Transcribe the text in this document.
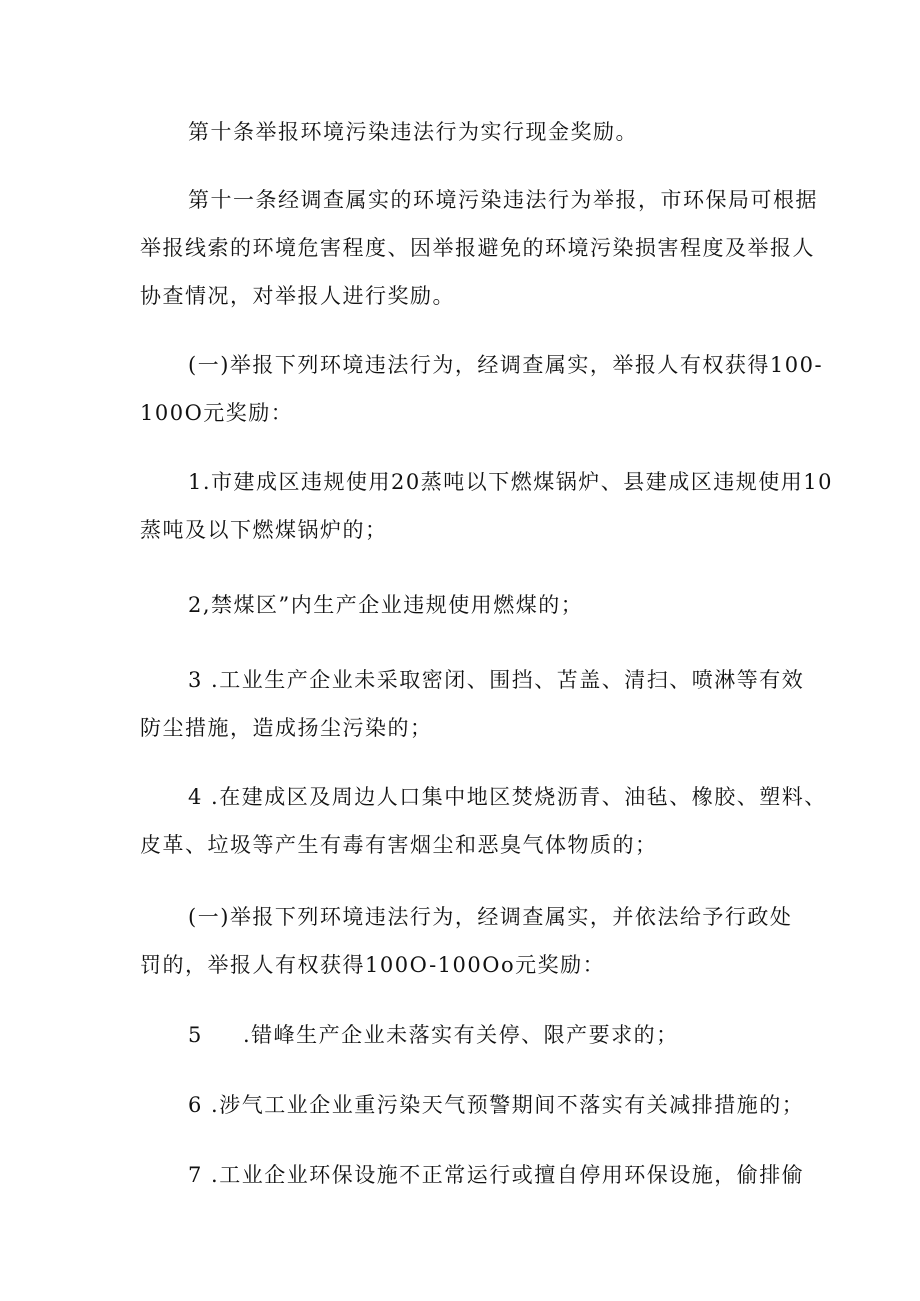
第十条举报环境污染违法行为实行现金奖励。
第十一条经调查属实的环境污染违法行为举报，市环保局可根据
举报线索的环境危害程度、因举报避免的环境污染损害程度及举报人
协查情况，对举报人进行奖励。
(一)举报下列环境违法行为，经调查属实，举报人有权获得100-
100O元奖励：
1.市建成区违规使用20蒸吨以下燃煤锅炉、县建成区违规使用10
蒸吨及以下燃煤锅炉的；
2,禁煤区”内生产企业违规使用燃煤的；
3 .工业生产企业未采取密闭、围挡、苫盖、清扫、喷淋等有效
防尘措施，造成扬尘污染的；
4 .在建成区及周边人口集中地区焚烧沥青、油毡、橡胶、塑料、
皮革、垃圾等产生有毒有害烟尘和恶臭气体物质的；
(一)举报下列环境违法行为，经调查属实，并依法给予行政处
罚的，举报人有权获得100O-100Oo元奖励：
5 .错峰生产企业未落实有关停、限产要求的；
6 .涉气工业企业重污染天气预警期间不落实有关减排措施的；
7 .工业企业环保设施不正常运行或擅自停用环保设施，偷排偷
